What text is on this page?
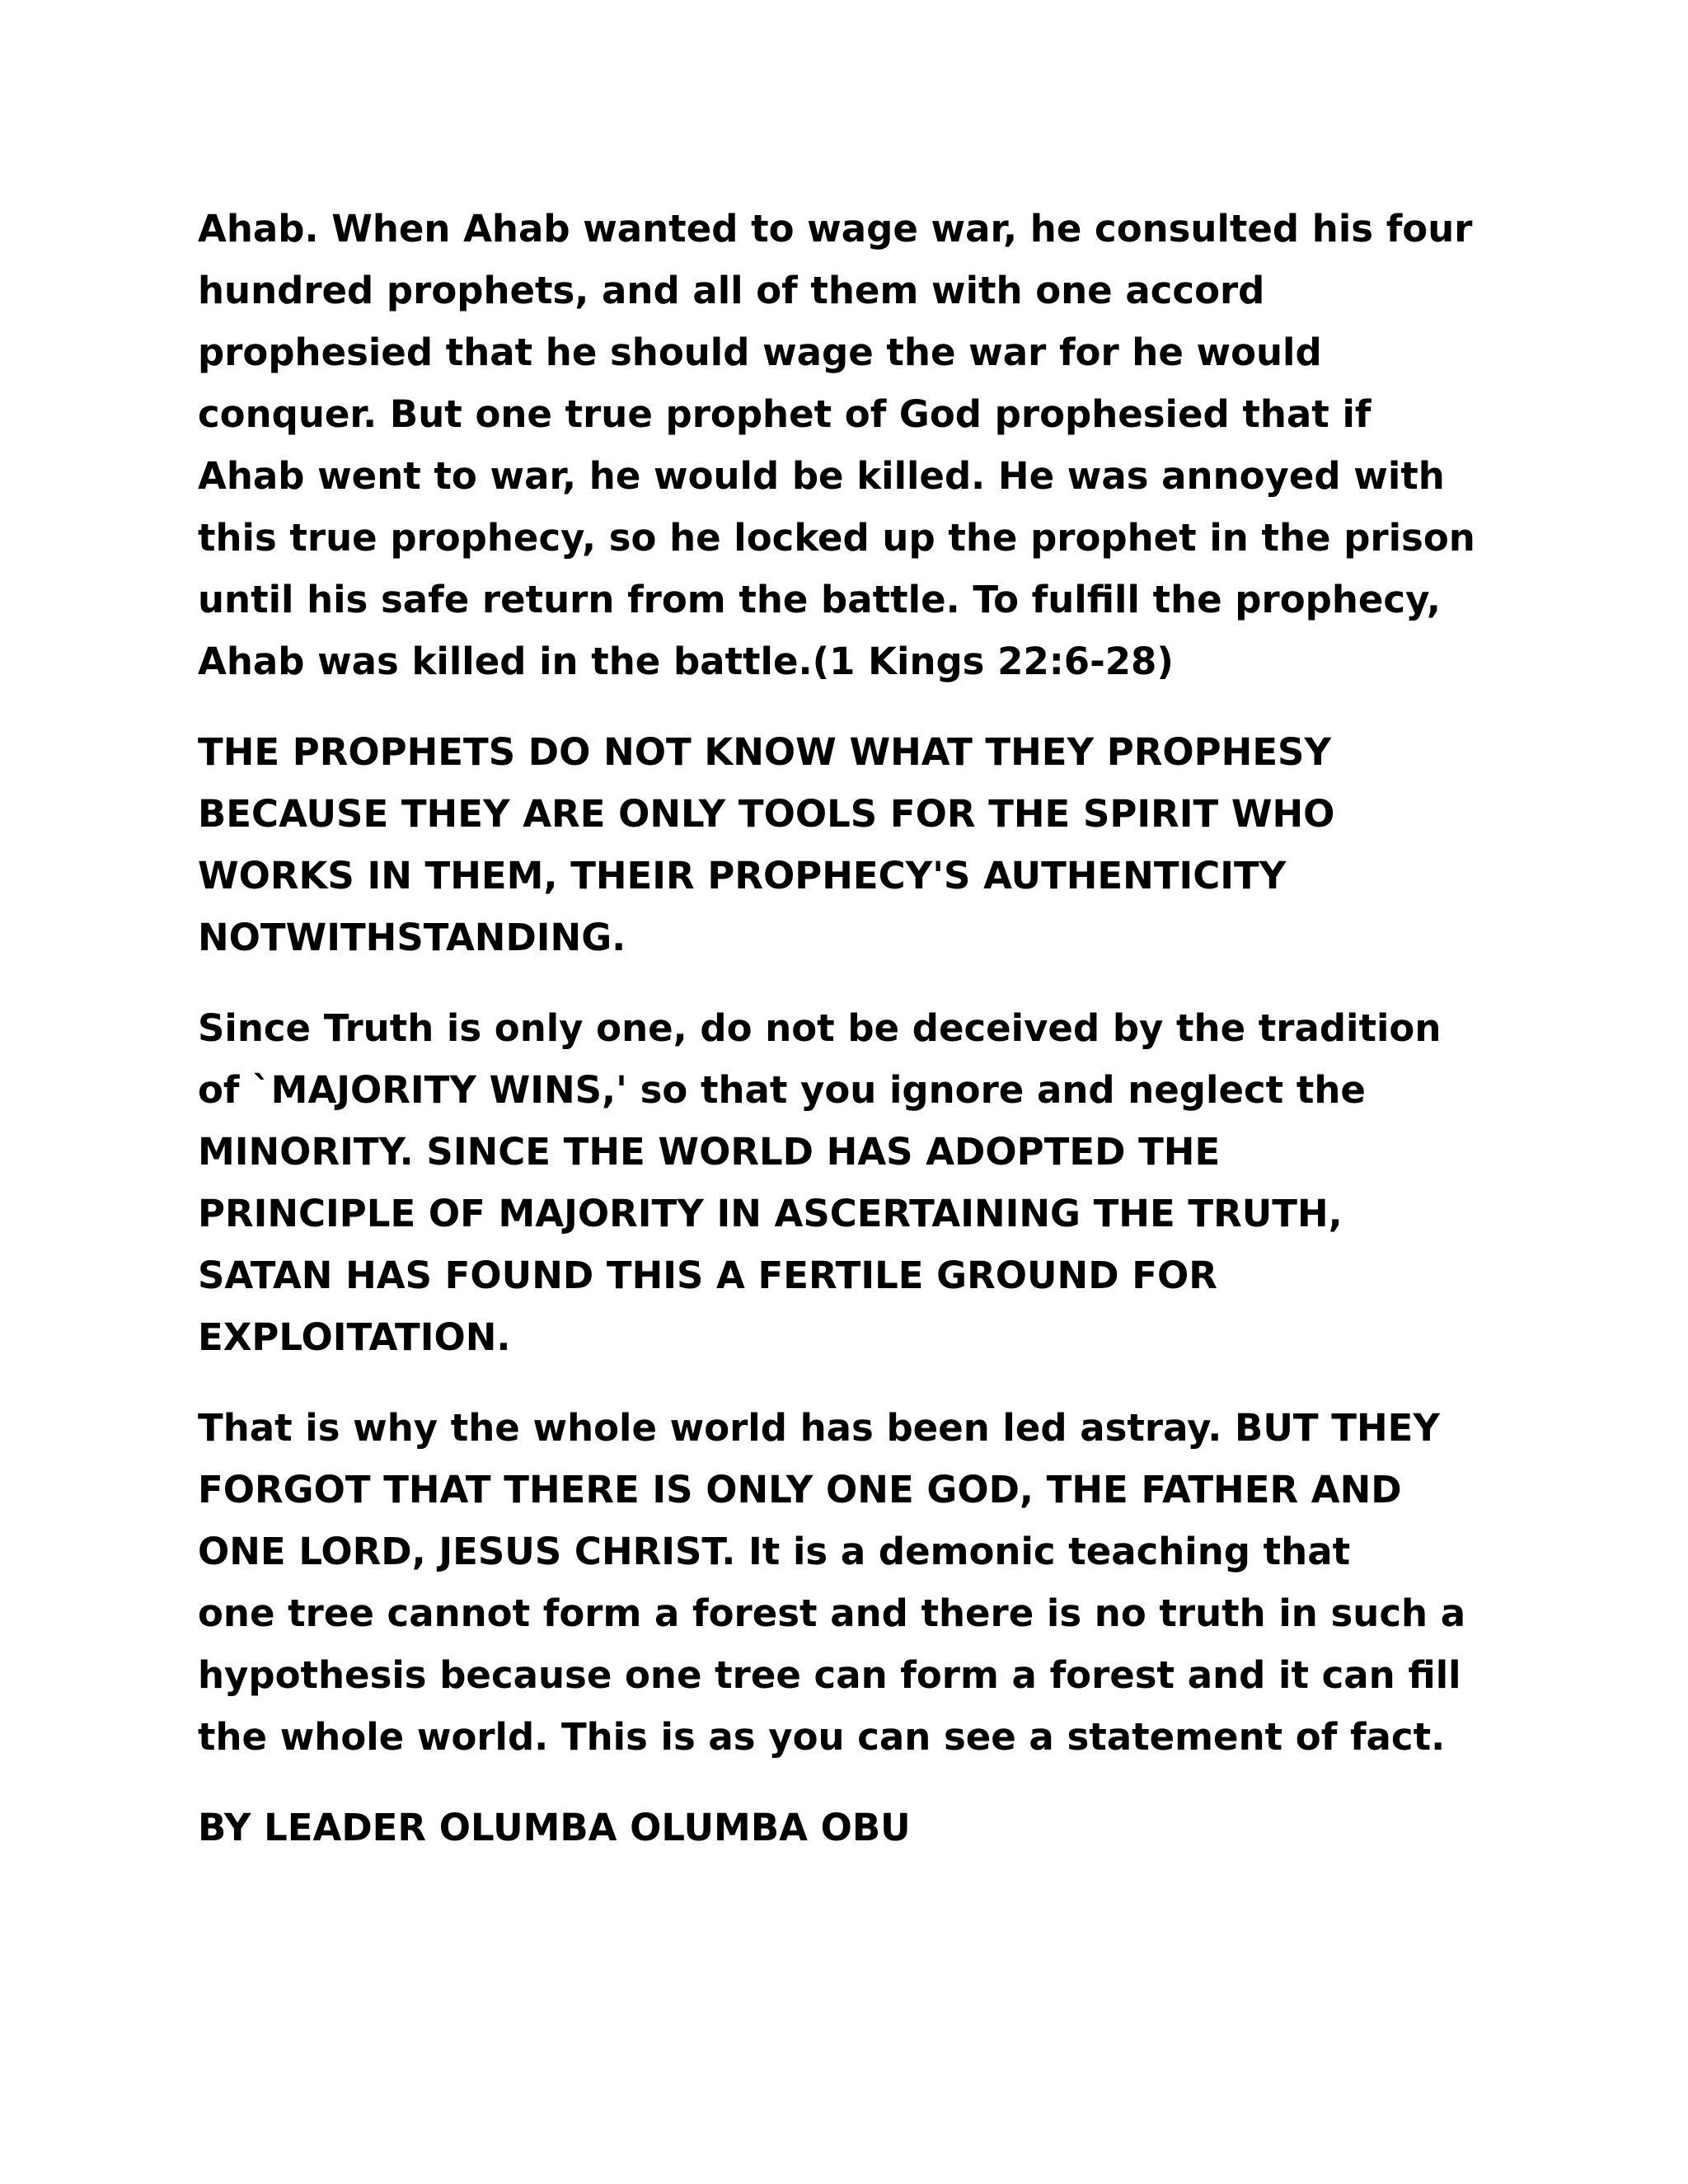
Ahab. When Ahab wanted to wage war, he consulted his four
hundred prophets, and all of them with one accord
prophesied that he should wage the war for he would
conquer. But one true prophet of God prophesied that if
Ahab went to war, he would be killed. He was annoyed with
this true prophecy, so he locked up the prophet in the prison
until his safe return from the battle. To fulfill the prophecy,
Ahab was killed in the battle.(1 Kings 22:6-28)

THE PROPHETS DO NOT KNOW WHAT THEY PROPHESY
BECAUSE THEY ARE ONLY TOOLS FOR THE SPIRIT WHO
WORKS IN THEM, THEIR PROPHECY'S AUTHENTICITY
NOTWITHSTANDING.

Since Truth is only one, do not be deceived by the tradition
of `MAJORITY WINS,' so that you ignore and neglect the
MINORITY. SINCE THE WORLD HAS ADOPTED THE
PRINCIPLE OF MAJORITY IN ASCERTAINING THE TRUTH,
SATAN HAS FOUND THIS A FERTILE GROUND FOR
EXPLOITATION.

That is why the whole world has been led astray. BUT THEY
FORGOT THAT THERE IS ONLY ONE GOD, THE FATHER AND
ONE LORD, JESUS CHRIST. It is a demonic teaching that
one tree cannot form a forest and there is no truth in such a
hypothesis because one tree can form a forest and it can fill
the whole world. This is as you can see a statement of fact.

BY LEADER OLUMBA OLUMBA OBU
